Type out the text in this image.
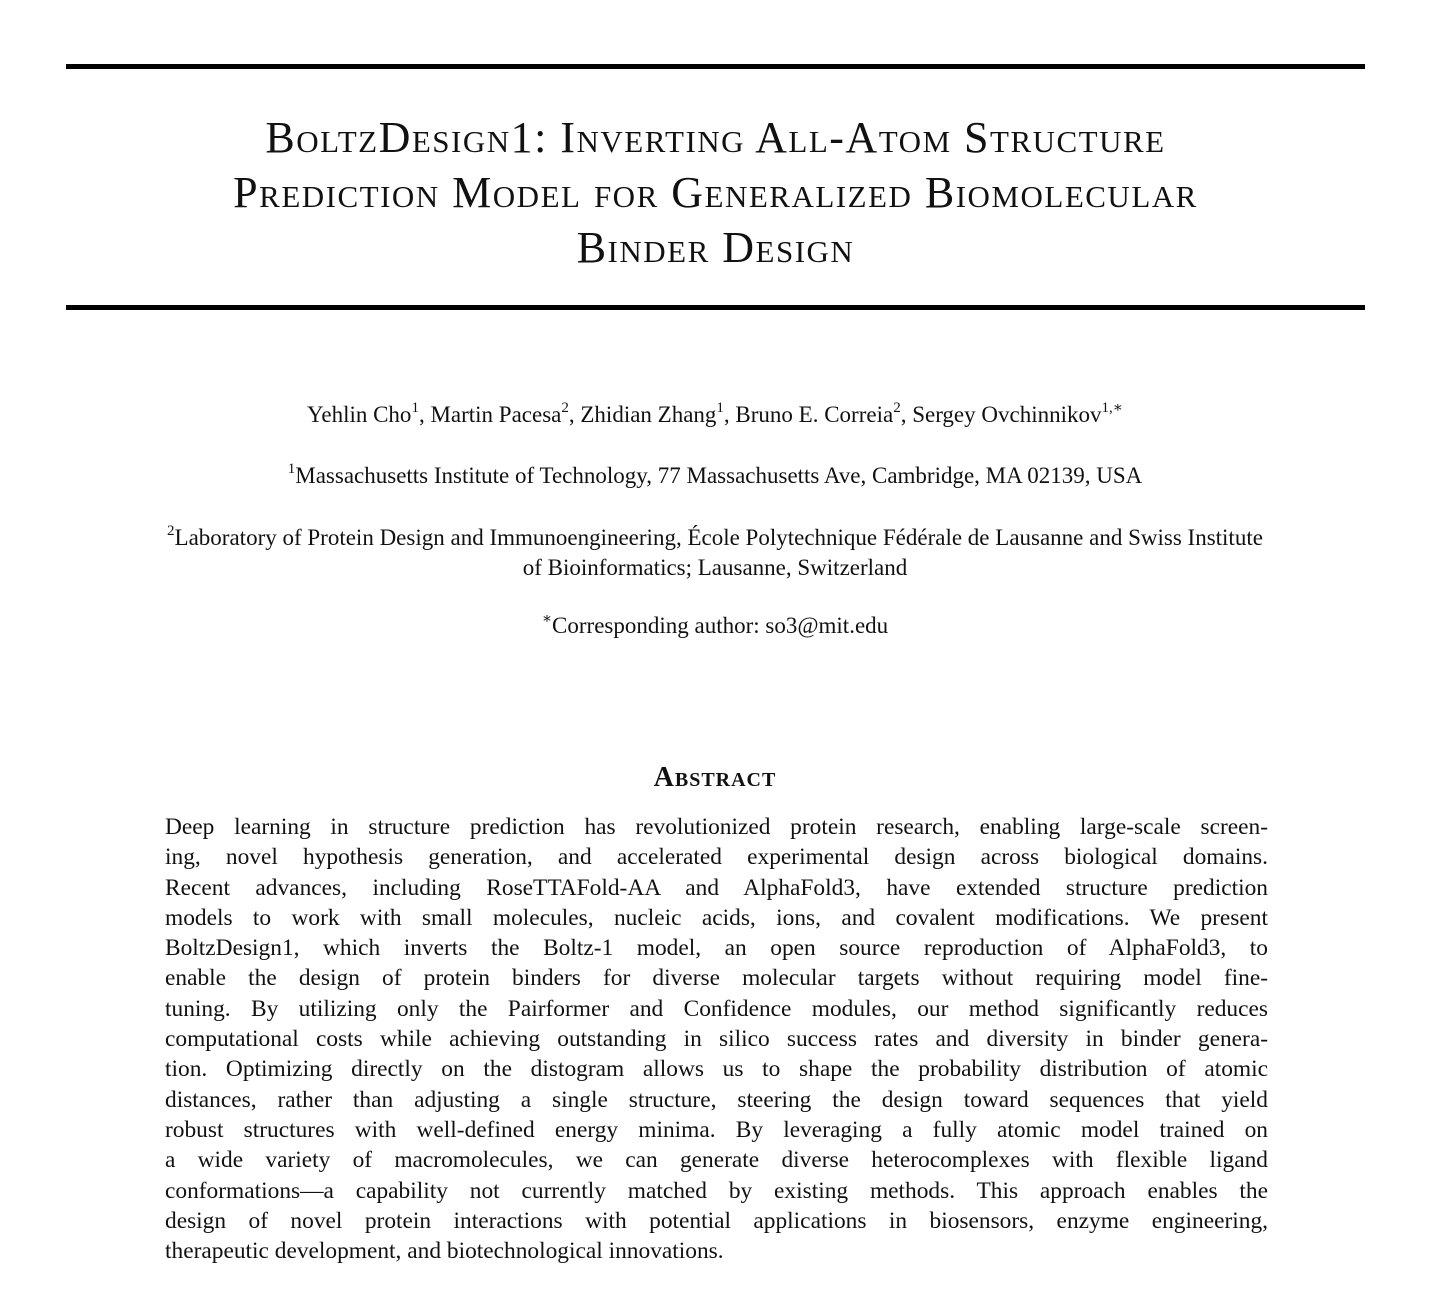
BoltzDesign1: Inverting All-Atom Structure
Prediction Model for Generalized Biomolecular
Binder Design
Yehlin Cho$^1$, Martin Pacesa$^2$, Zhidian Zhang$^1$, Bruno E. Correia$^2$, Sergey Ovchinnikov$^{1,∗}$
$^1$Massachusetts Institute of Technology, 77 Massachusetts Ave, Cambridge, MA 02139, USA
$^2$Laboratory of Protein Design and Immunoengineering, École Polytechnique Fédérale de Lausanne and Swiss Institute
of Bioinformatics; Lausanne, Switzerland
∗Corresponding author: so3@mit.edu
Abstract
Deep learning in structure prediction has revolutionized protein research, enabling large-scale screen-
ing, novel hypothesis generation, and accelerated experimental design across biological domains.
Recent advances, including RoseTTAFold-AA and AlphaFold3, have extended structure prediction
models to work with small molecules, nucleic acids, ions, and covalent modifications. We present
BoltzDesign1, which inverts the Boltz-1 model, an open source reproduction of AlphaFold3, to
enable the design of protein binders for diverse molecular targets without requiring model fine-
tuning. By utilizing only the Pairformer and Confidence modules, our method significantly reduces
computational costs while achieving outstanding in silico success rates and diversity in binder genera-
tion. Optimizing directly on the distogram allows us to shape the probability distribution of atomic
distances, rather than adjusting a single structure, steering the design toward sequences that yield
robust structures with well-defined energy minima. By leveraging a fully atomic model trained on
a wide variety of macromolecules, we can generate diverse heterocomplexes with flexible ligand
conformations—a capability not currently matched by existing methods. This approach enables the
design of novel protein interactions with potential applications in biosensors, enzyme engineering,
therapeutic development, and biotechnological innovations.
